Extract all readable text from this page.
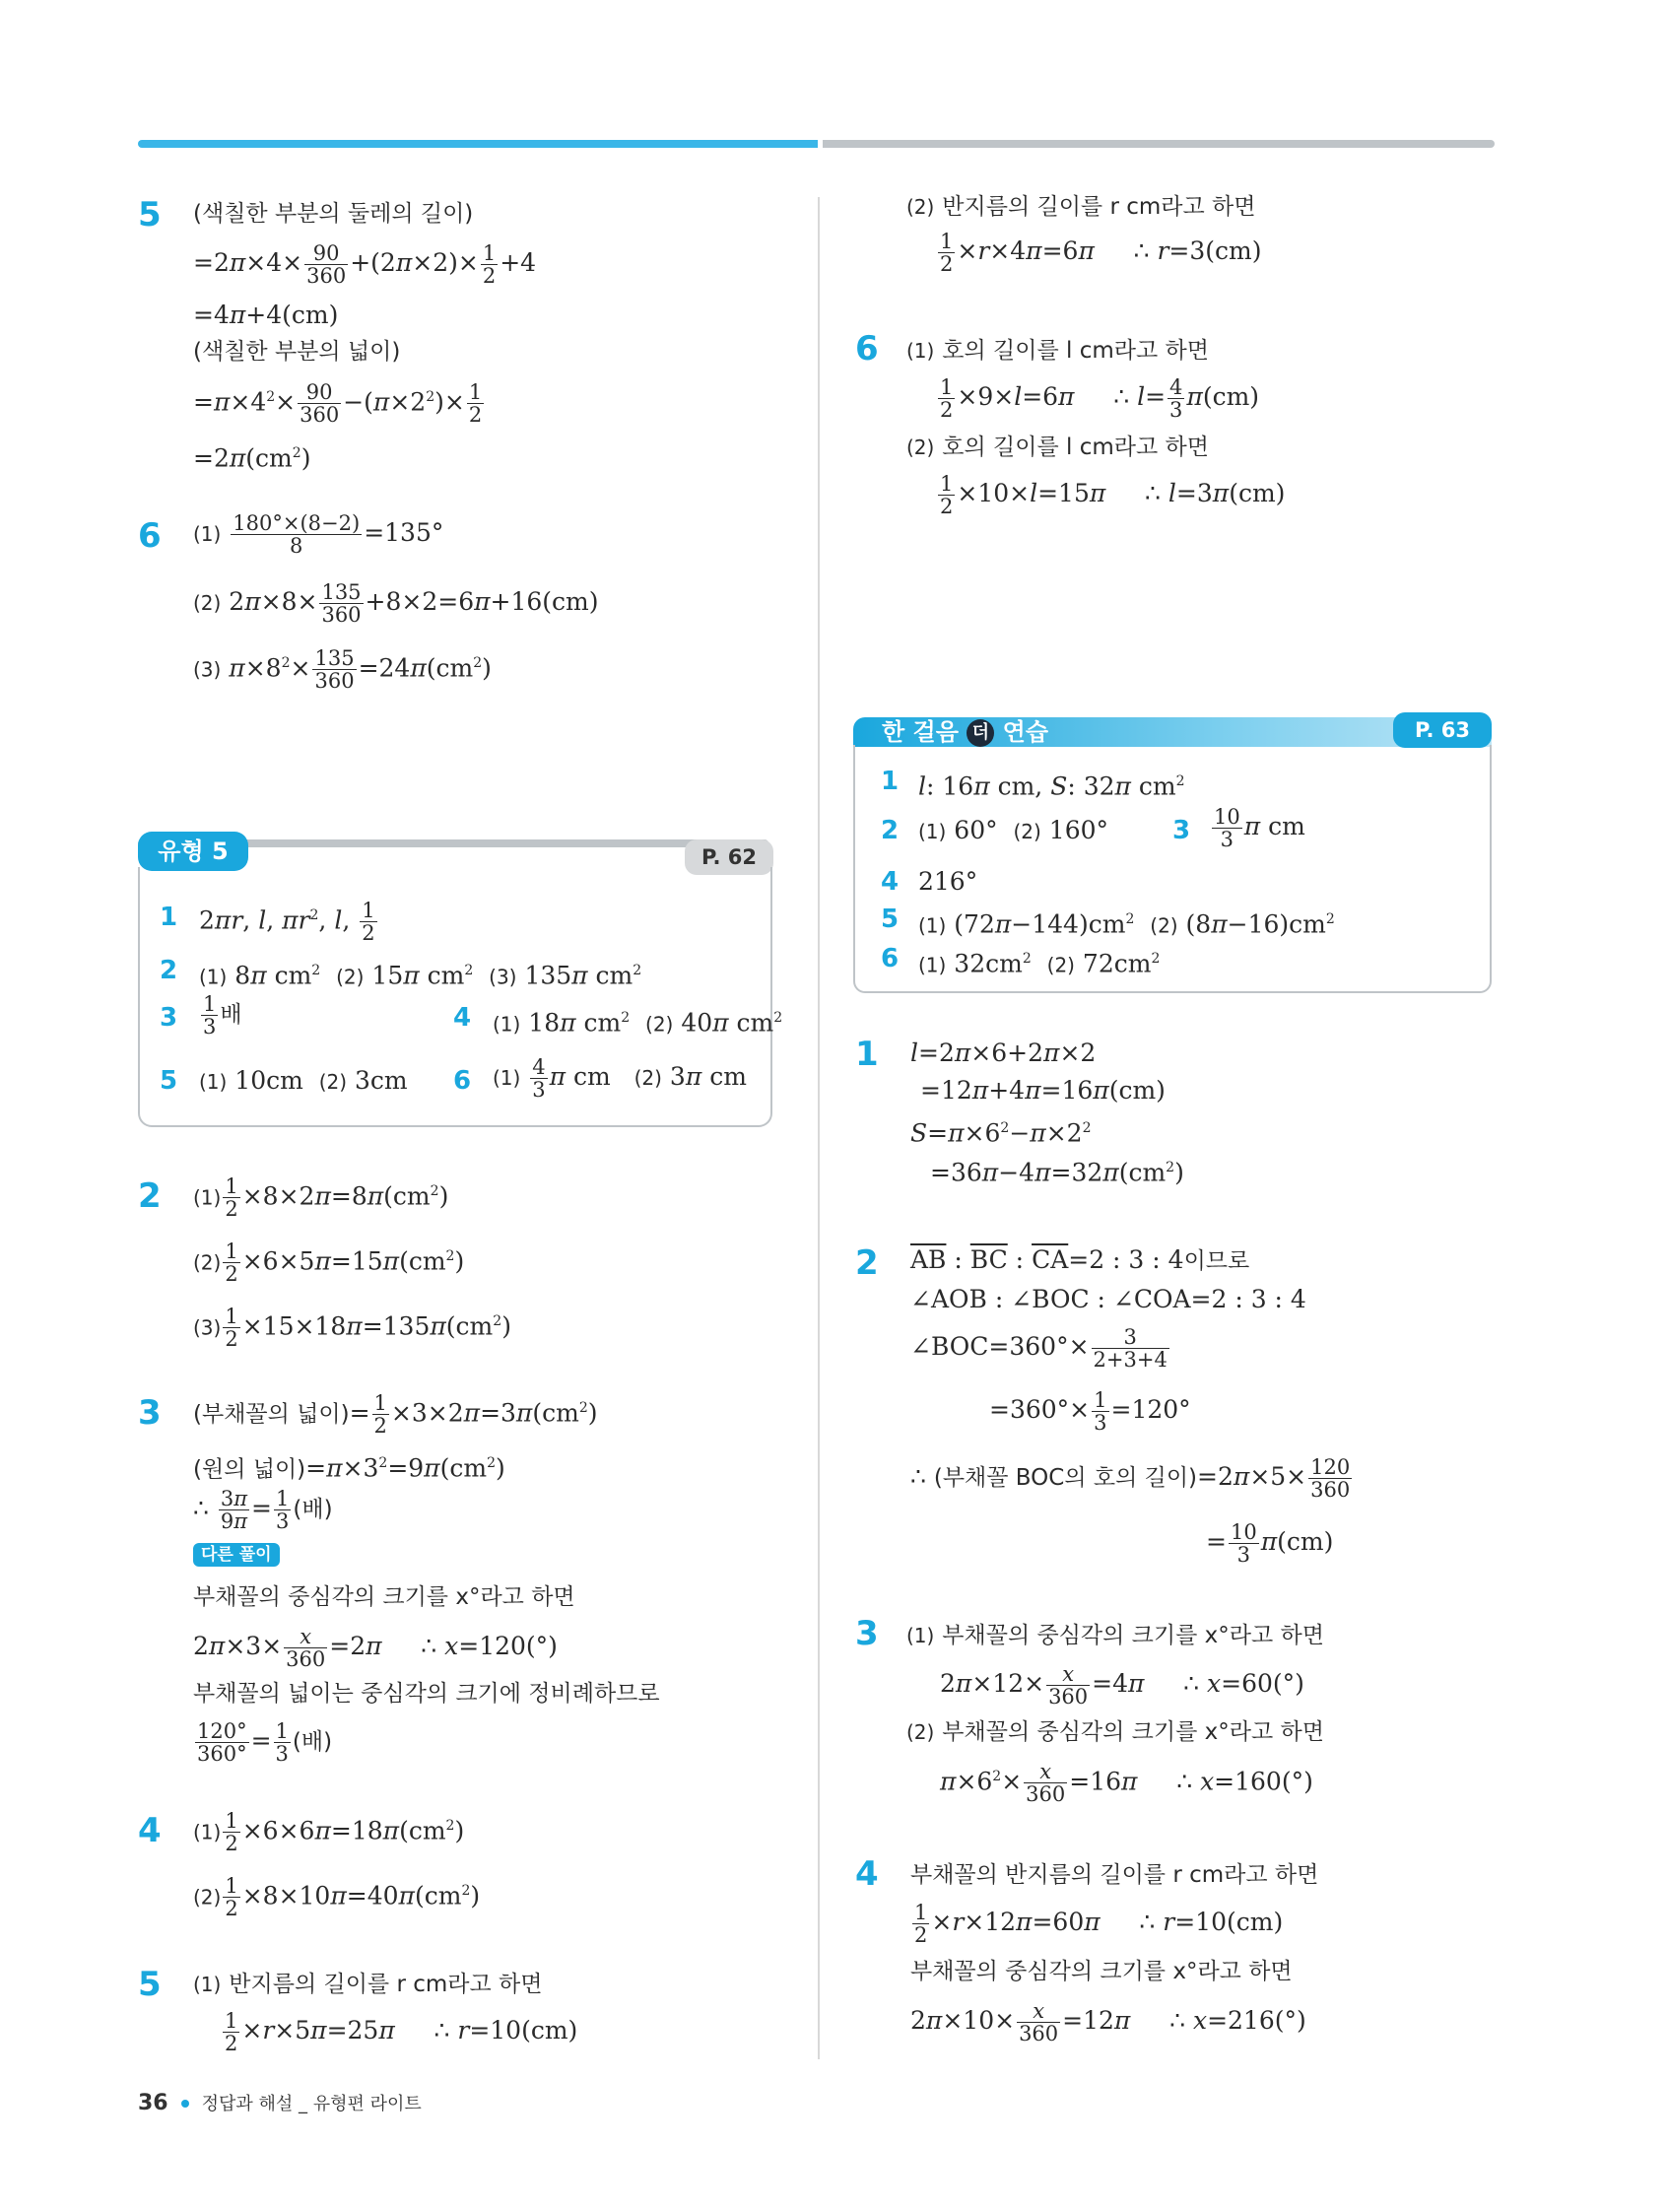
5 (색칠한 부분의 둘레의 길이)
$=2\pi\times 4\times \frac{90}{360} +(2\pi\times 2)\times \frac{1}{2} +4$
=4π+4(cm)
(색칠한 부분의 넓이)
$=\pi\times 4^2\times \frac{90}{360} -(\pi\times 2^2)\times \frac{1}{2}$
$=2\pi(cm^2)$
6 $(1) \frac{180^\circ\times(8-2)}{8} =135^\circ$
(2) $2\pi\times 8\times \frac{135}{360} +8\times 2=6\pi+16(cm)$
(3) $\pi\times 8^2\times \frac{135}{360} =24\pi(cm^2)$
유형 5	P. 62
1 2πr, l, $\pi r^2$, l, $\frac{1}{2}$
2 (1) 8π $cm^2$ (2) 15π $cm^2$ (3) 135π $cm^2$
$3 \frac{1}{3}$ 배	4 (1) 18π $cm^2$ (2) 40π $cm^2$
5 (1) 10cm  (2) 3cm 6 $(1) \frac{4}{3}$ π cm   (2) 3π cm
2 $(1) \frac{1}{2} \times 8\times 2\pi=8\pi(cm^2)$
$(2) \frac{1}{2} \times 6\times 5\pi=15\pi(cm^2)$
$(3) \frac{1}{2} \times 15\times 18\pi=135\pi(cm^2)$
3 (부채꼴의 넓이)= $\frac{1}{2} \times 3\times 2\pi=3\pi(cm^2)$
(원의 넓이)$=\pi\times 3^2=9\pi(cm^2)$
∴ $\frac{3\pi}{9\pi} = \frac{1}{3}$ (배)
다른 풀이
부채꼴의 중심각의 크기를 x°라고 하면
$2\pi\times 3\times \frac{x}{360} =2\pi$     ∴ x=120(°)
부채꼴의 넓이는 중심각의 크기에 정비례하므로
$\frac{120^\circ}{360^\circ} = \frac{1}{3}$ (배)
4 $(1) \frac{1}{2} \times 6\times 6\pi=18\pi(cm^2)$
$(2) \frac{1}{2} \times 8\times 10\pi=40\pi(cm^2)$
5 (1) 반지름의 길이를 r cm라고 하면
$\frac{1}{2} \times r\times 5\pi=25\pi$     ∴ r=10(cm)
(2) 반지름의 길이를 r cm라고 하면
$\frac{1}{2} \times r\times 4\pi=6\pi$     ∴ r=3(cm)
6 (1) 호의 길이를 l cm라고 하면
$\frac{1}{2} \times 9\times l=6\pi$     ∴ $l= \frac{4}{3} \pi(cm)$
(2) 호의 길이를 l cm라고 하면
$\frac{1}{2} \times 10\times l=15\pi$     ∴ l=3π(cm)
한 걸음 더 연습	P. 63
1 l: 16π cm, S: 32π $cm^2$
2 (1) 60°  (2) 160° $3 \frac{10}{3}$ π cm
4 216°
5 (1) $(72\pi-144)cm^2$ (2) $(8\pi-16)cm^2$
6 (1) $32cm^2$ (2) $72cm^2$
1 l=2π×6+2π×2
=12π+4π=16π(cm)
$S=\pi\times 6^2-\pi\times 2^2$
$=36\pi-4\pi=32\pi(cm^2)$
2 $\overline{AB}$ : $\overline{BC}$ : $\overline{CA}=2$ : 3 : 4이므로
∠AOB : ∠BOC : ∠COA=2 : 3 : 4
∠BOC=360°× $\frac{3}{2+3+4}$
$=360^\circ\times \frac{1}{3} =120^\circ$
∴ (부채꼴 BOC의 호의 길이)$=2\pi\times 5\times \frac{120}{360}$
= $\frac{10}{3} \pi(cm)$
3 (1) 부채꼴의 중심각의 크기를 x°라고 하면
$2\pi\times 12\times \frac{x}{360} =4\pi$     ∴ x=60(°)
(2) 부채꼴의 중심각의 크기를 x°라고 하면
$\pi\times 6^2\times \frac{x}{360} =16\pi$     ∴ x=160(°)
4 부채꼴의 반지름의 길이를 r cm라고 하면
$\frac{1}{2} \times r\times 12\pi=60\pi$     ∴ r=10(cm)
부채꼴의 중심각의 크기를 x°라고 하면
$2\pi\times 10\times \frac{x}{360} =12\pi$     ∴ x=216(°)
36 정답과 해설 _ 유형편 라이트
